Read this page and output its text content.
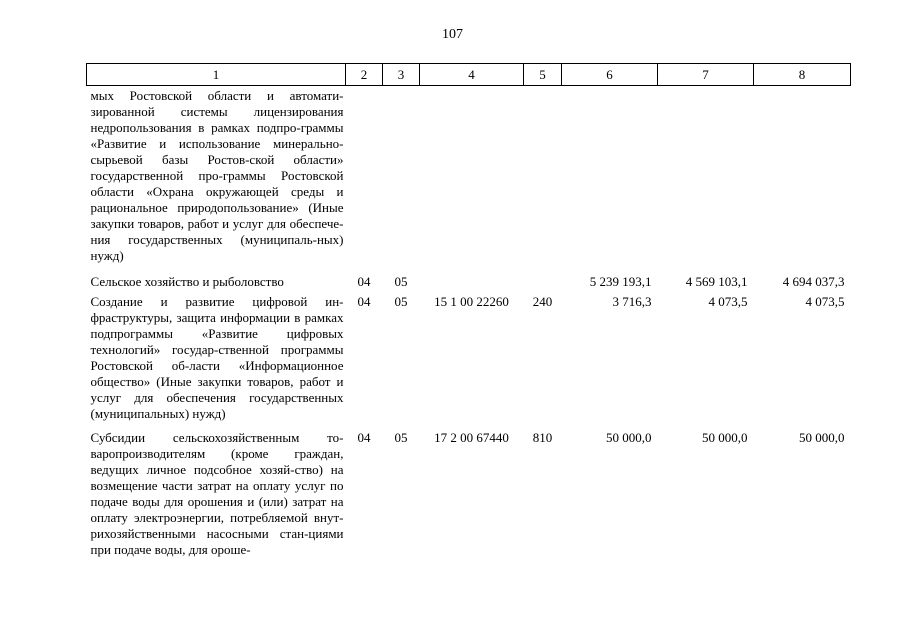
107
1	2	3	4	5	6	7	8
мых Ростовской области и автомати-зированной системы лицензирования недропользования в рамках подпро-граммы «Развитие и использование минерально-сырьевой базы Ростов-ской области» государственной про-граммы Ростовской области «Охрана окружающей среды и рациональное природопользование» (Иные закупки товаров, работ и услуг для обеспече-ния государственных (муниципаль-ных) нужд)							
Сельское хозяйство и рыболовство	04	05			5 239 193,1	4 569 103,1	4 694 037,3
Создание и развитие цифровой ин-фраструктуры, защита информации в рамках подпрограммы «Развитие цифровых технологий» государ-ственной программы Ростовской об-ласти «Информационное общество» (Иные закупки товаров, работ и услуг для обеспечения государственных (муниципальных) нужд)	04	05	15 1 00 22260	240	3 716,3	4 073,5	4 073,5
Субсидии сельскохозяйственным то-варопроизводителям (кроме граждан, ведущих личное подсобное хозяй-ство) на возмещение части затрат на оплату услуг по подаче воды для орошения и (или) затрат на оплату электроэнергии, потребляемой внут-рихозяйственными насосными стан-циями при подаче воды, для ороше-	04	05	17 2 00 67440	810	50 000,0	50 000,0	50 000,0
